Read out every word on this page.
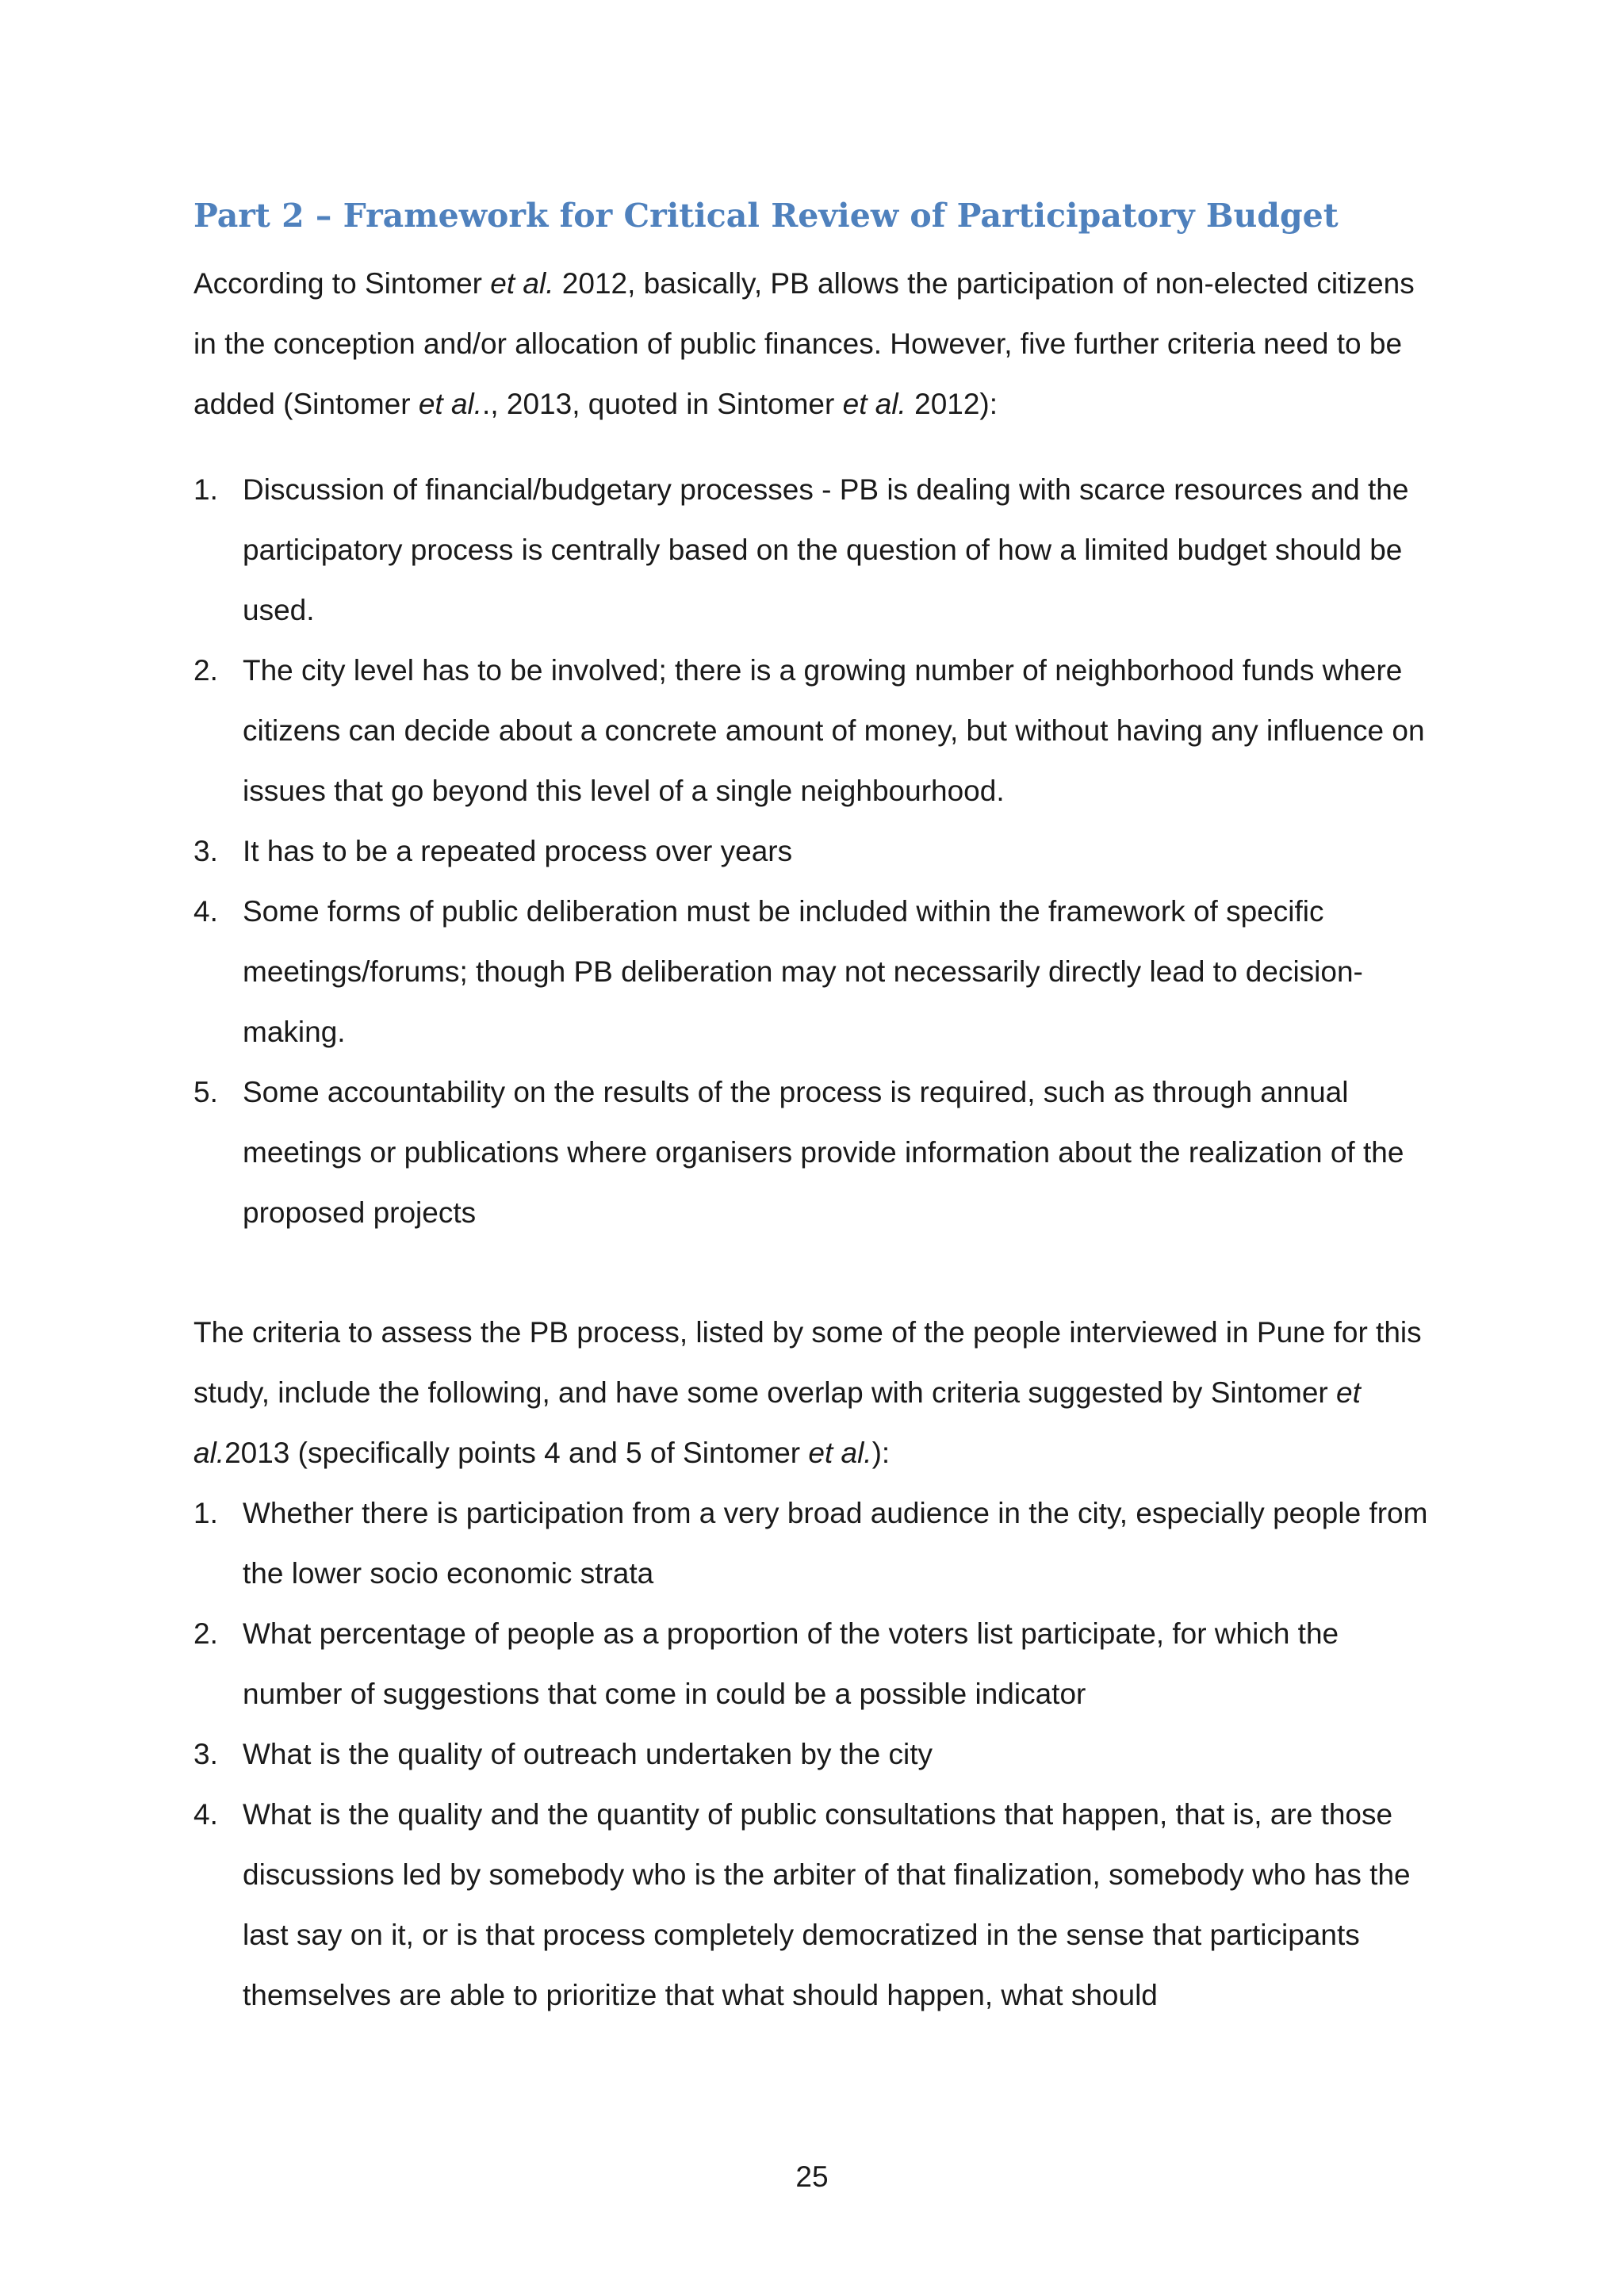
Part 2 – Framework for Critical Review of Participatory Budget

According to Sintomer et al. 2012, basically, PB allows the participation of non-elected citizens in the conception and/or allocation of public finances. However, five further criteria need to be added (Sintomer et al.., 2013, quoted in Sintomer et al. 2012):

1. Discussion of financial/budgetary processes - PB is dealing with scarce resources and the participatory process is centrally based on the question of how a limited budget should be used.
2. The city level has to be involved; there is a growing number of neighborhood funds where citizens can decide about a concrete amount of money, but without having any influence on issues that go beyond this level of a single neighbourhood.
3. It has to be a repeated process over years
4. Some forms of public deliberation must be included within the framework of specific meetings/forums; though PB deliberation may not necessarily directly lead to decision-making.
5. Some accountability on the results of the process is required, such as through annual meetings or publications where organisers provide information about the realization of the proposed projects

The criteria to assess the PB process, listed by some of the people interviewed in Pune for this study, include the following, and have some overlap with criteria suggested by Sintomer et al.2013 (specifically points 4 and 5 of Sintomer et al.):

1. Whether there is participation from a very broad audience in the city, especially people from the lower socio economic strata
2. What percentage of people as a proportion of the voters list participate, for which the number of suggestions that come in could be a possible indicator
3. What is the quality of outreach undertaken by the city
4. What is the quality and the quantity of public consultations that happen, that is, are those discussions led by somebody who is the arbiter of that finalization, somebody who has the last say on it, or is that process completely democratized in the sense that participants themselves are able to prioritize that what should happen, what should
25
